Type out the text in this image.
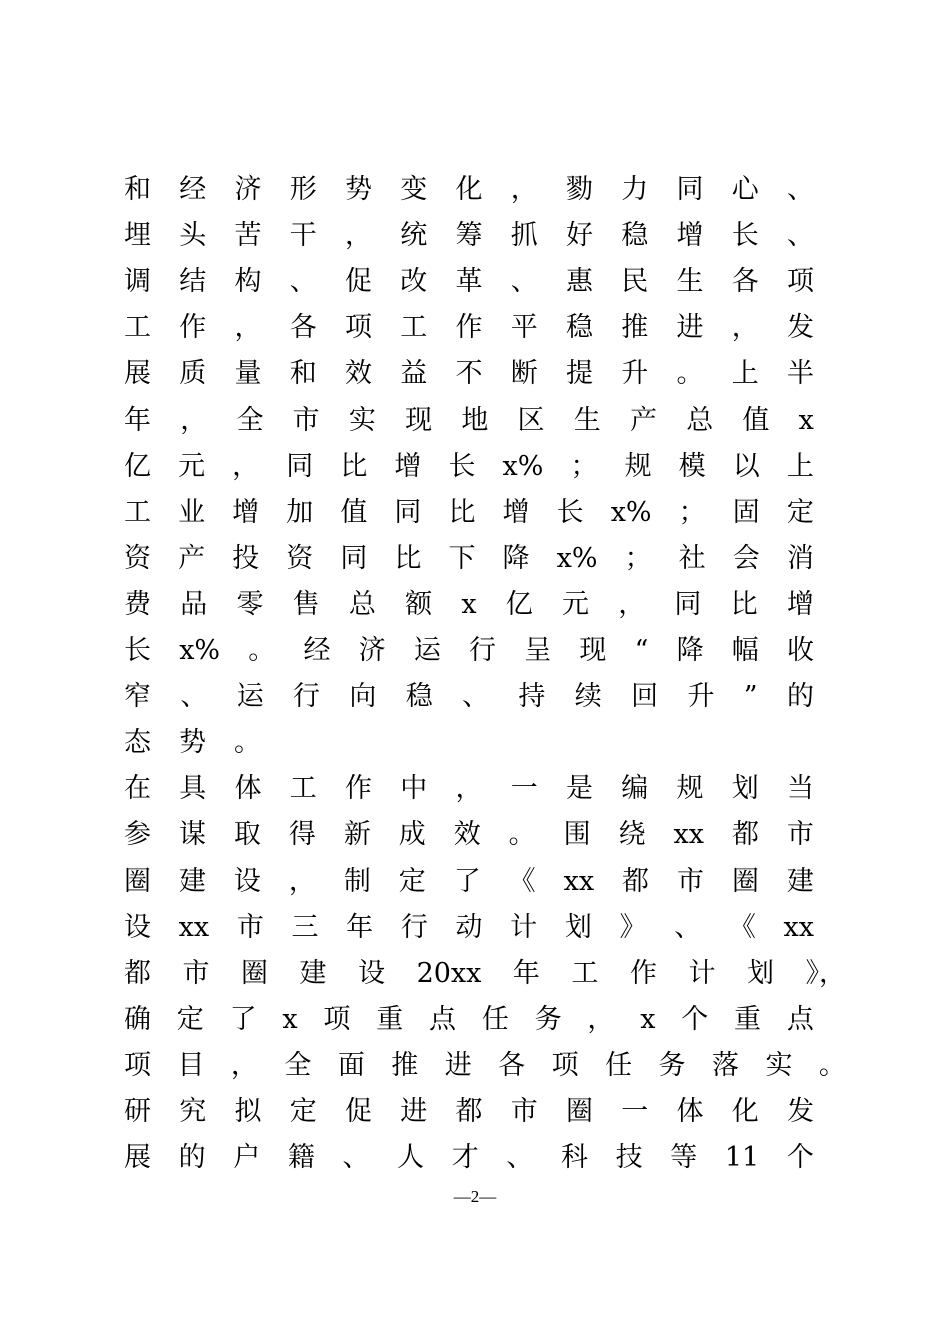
和 经 济 形 势 变 化 ， 勠 力 同 心 、
埋 头 苦 干 ， 统 筹 抓 好 稳 增 长 、
调 结 构 、 促 改 革 、 惠 民 生 各 项
工 作 ， 各 项 工 作 平 稳 推 进 ， 发
展 质 量 和 效 益 不 断 提 升 。 上 半
年 ， 全 市 实 现 地 区 生 产 总 值 x
亿 元 ， 同 比 增 长 x% ； 规 模 以 上
工 业 增 加 值 同 比 增 长 x% ； 固 定
资 产 投 资 同 比 下 降 x% ； 社 会 消
费 品 零 售 总 额 x 亿 元 ， 同 比 增
长 x% 。 经 济 运 行 呈 现 “ 降 幅 收
窄 、 运 行 向 稳 、 持 续 回 升 ” 的
态 势 。
在 具 体 工 作 中 ， 一 是 编 规 划 当
参 谋 取 得 新 成 效 。 围 绕 xx 都 市
圈 建 设 ， 制 定 了 《 xx 都 市 圈 建
设 xx 市 三 年 行 动 计 划 》 、 《 xx
都 市 圈 建 设 20xx 年 工 作 计 划 》，
确 定 了 x 项 重 点 任 务 ， x 个 重 点
项 目 ， 全 面 推 进 各 项 任 务 落 实 。
研 究 拟 定 促 进 都 市 圈 一 体 化 发
展 的 户 籍 、 人 才 、 科 技 等 11 个
—2—
